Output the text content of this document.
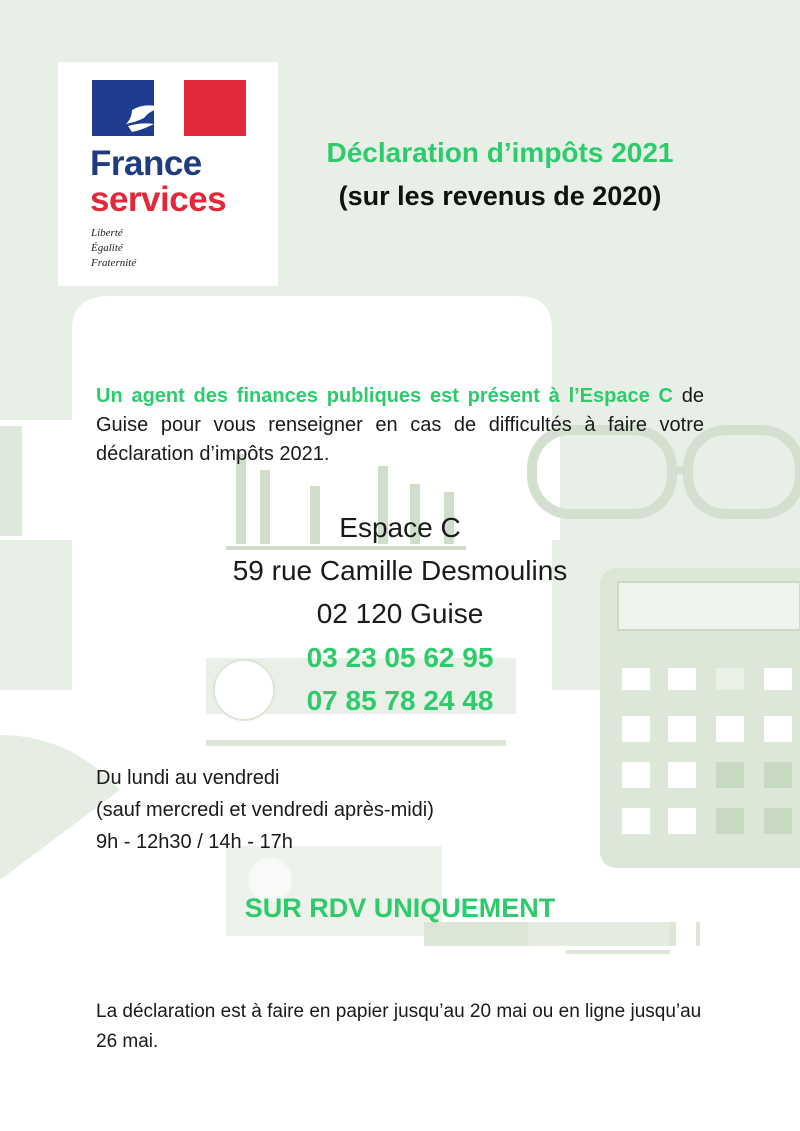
France
services
Liberté
Égalité
Fraternité
Déclaration d’impôts 2021
(sur les revenus de 2020)
Un agent des finances publiques est présent à l’Espace C de Guise pour vous renseigner en cas de difficultés à faire votre déclaration d’impôts 2021.
Espace C
59 rue Camille Desmoulins
02 120 Guise
03 23 05 62 95
07 85 78 24 48
Du lundi au vendredi
(sauf mercredi et vendredi après-midi)
9h - 12h30 / 14h - 17h
SUR RDV UNIQUEMENT
La déclaration est à faire en papier jusqu’au 20 mai ou en ligne jusqu’au 26 mai.
